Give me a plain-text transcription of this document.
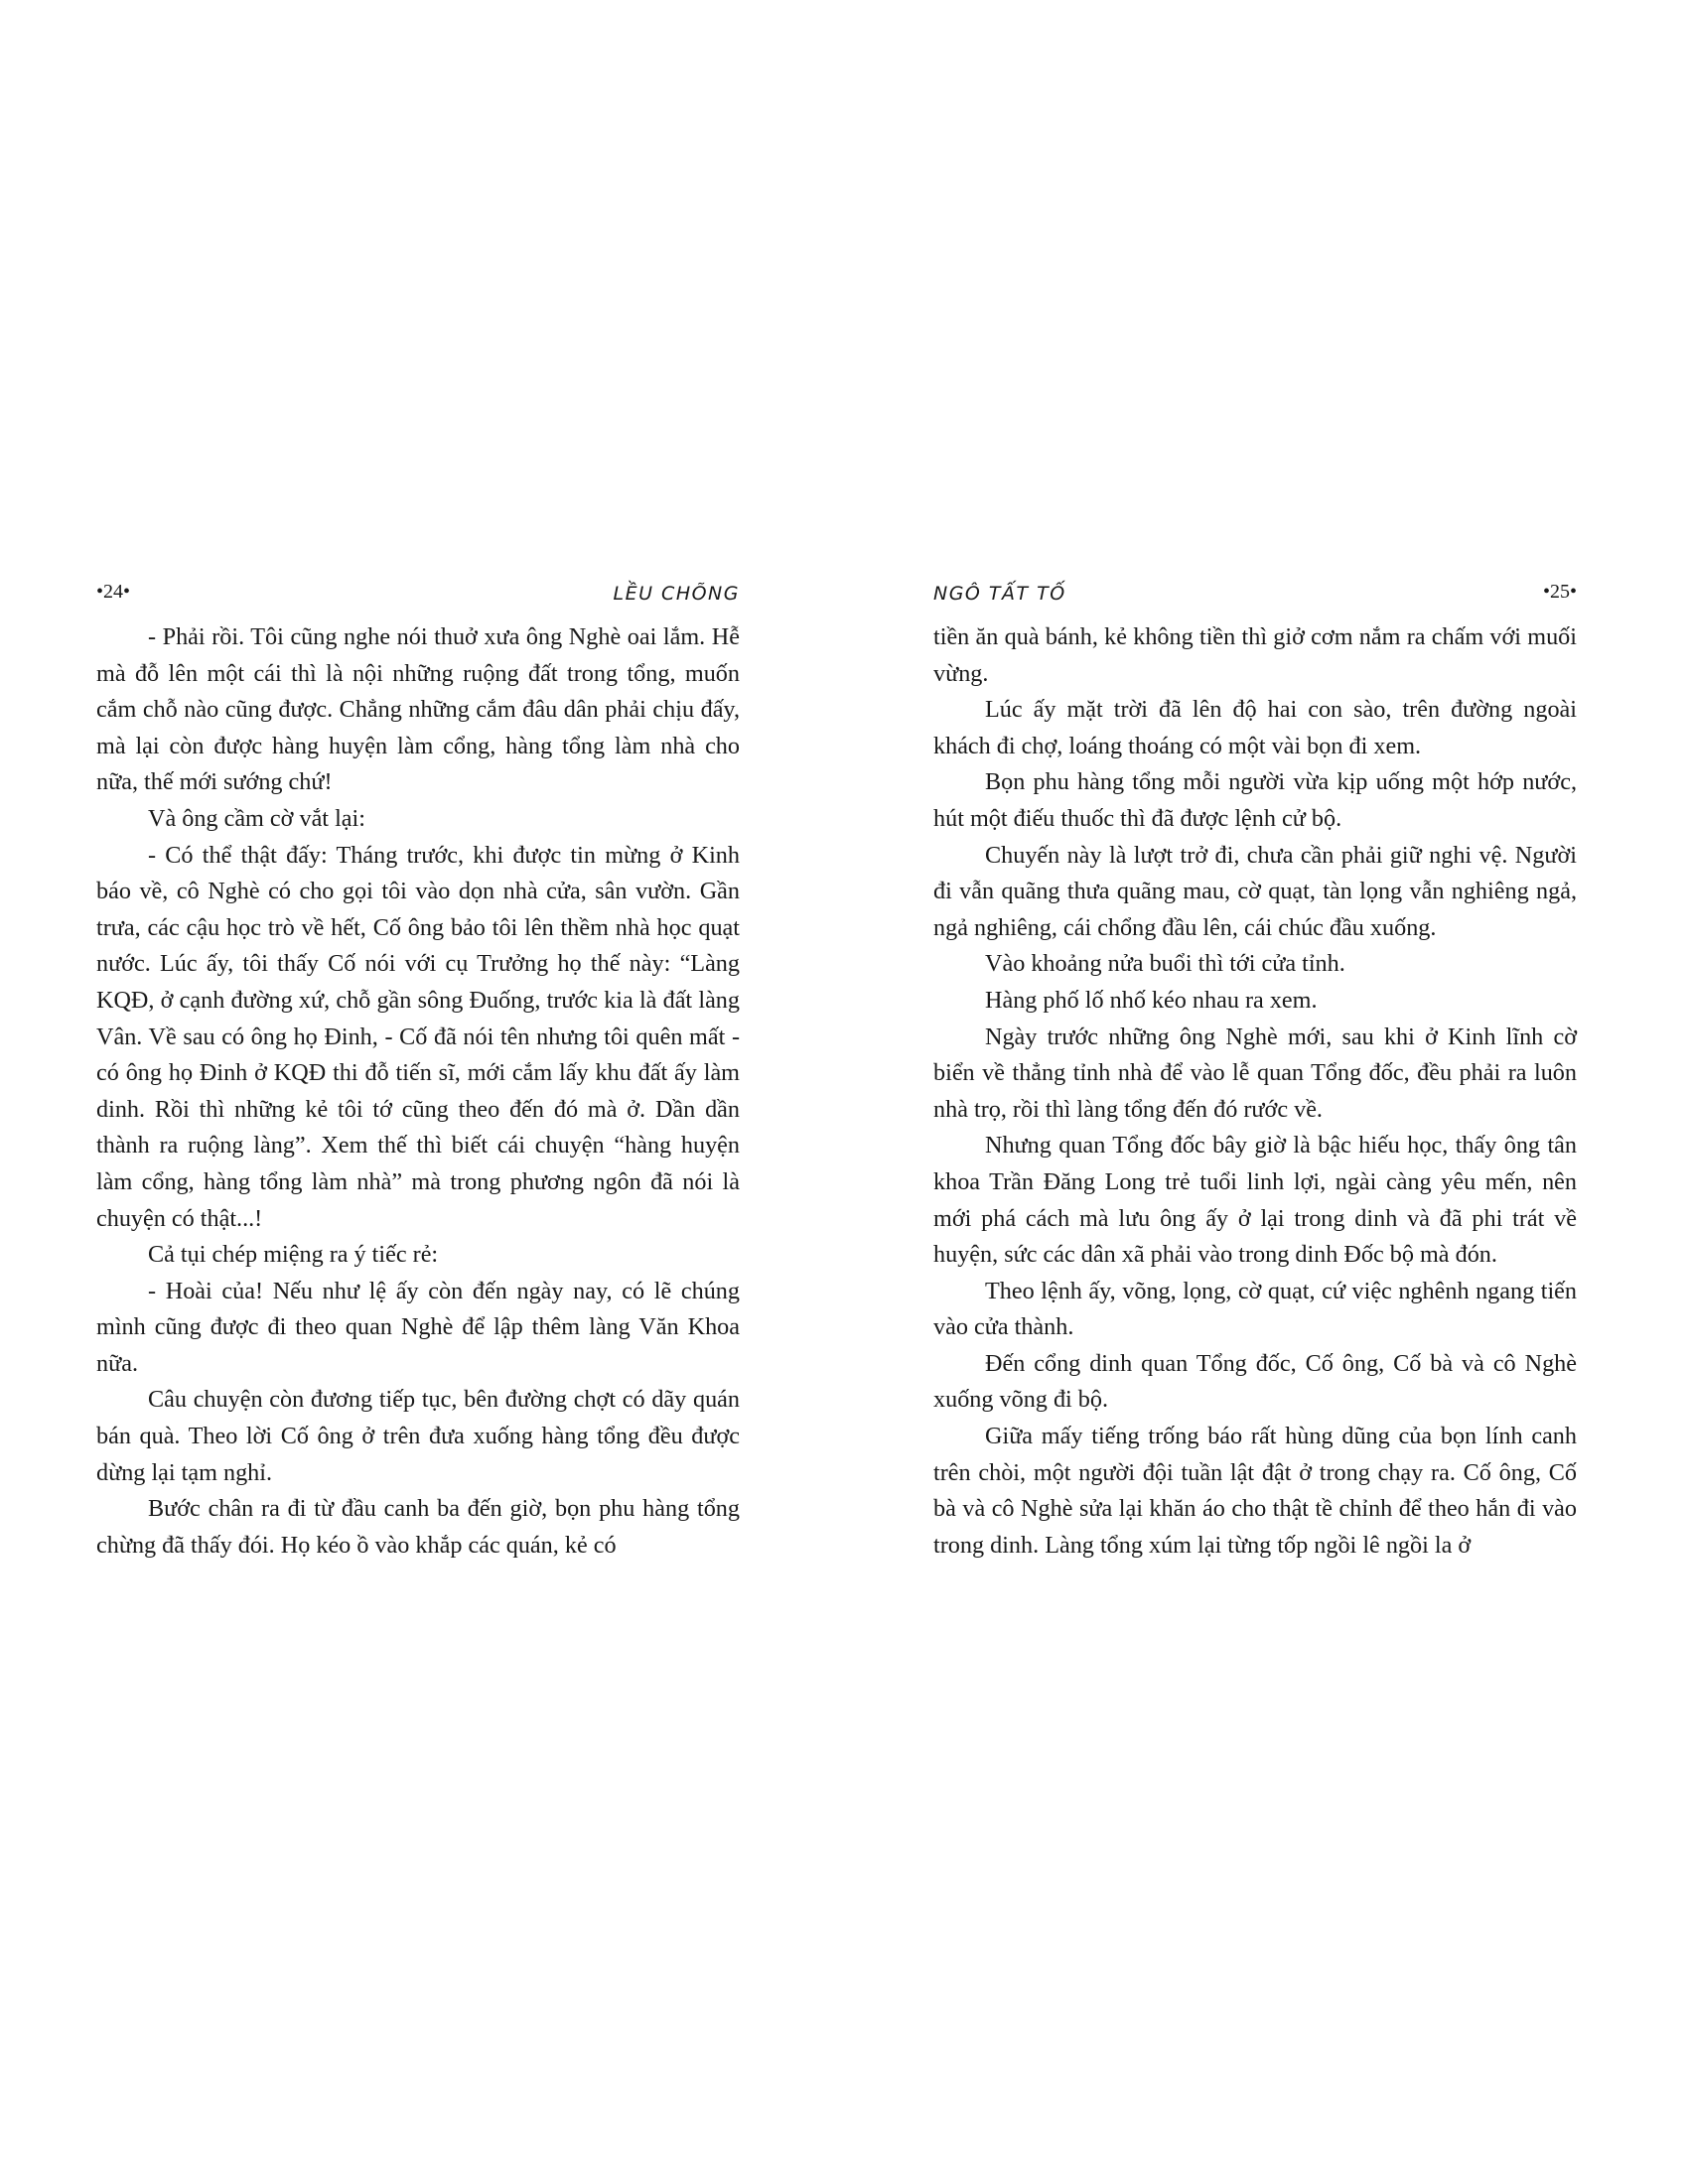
•24•	LỀU CHÕNG

- Phải rồi. Tôi cũng nghe nói thuở xưa ông Nghè oai lắm. Hễ mà đỗ lên một cái thì là nội những ruộng đất trong tổng, muốn cắm chỗ nào cũng được. Chẳng những cắm đâu dân phải chịu đấy, mà lại còn được hàng huyện làm cổng, hàng tổng làm nhà cho nữa, thế mới sướng chứ!

Và ông cầm cờ vắt lại:

- Có thể thật đấy: Tháng trước, khi được tin mừng ở Kinh báo về, cô Nghè có cho gọi tôi vào dọn nhà cửa, sân vườn. Gần trưa, các cậu học trò về hết, Cố ông bảo tôi lên thềm nhà học quạt nước. Lúc ấy, tôi thấy Cố nói với cụ Trưởng họ thế này: “Làng KQĐ, ở cạnh đường xứ, chỗ gần sông Đuống, trước kia là đất làng Vân. Về sau có ông họ Đinh, - Cố đã nói tên nhưng tôi quên mất - có ông họ Đinh ở KQĐ thi đỗ tiến sĩ, mới cắm lấy khu đất ấy làm dinh. Rồi thì những kẻ tôi tớ cũng theo đến đó mà ở. Dần dần thành ra ruộng làng”. Xem thế thì biết cái chuyện “hàng huyện làm cổng, hàng tổng làm nhà” mà trong phương ngôn đã nói là chuyện có thật...!

Cả tụi chép miệng ra ý tiếc rẻ:

- Hoài của! Nếu như lệ ấy còn đến ngày nay, có lẽ chúng mình cũng được đi theo quan Nghè để lập thêm làng Văn Khoa nữa.

Câu chuyện còn đương tiếp tục, bên đường chợt có dãy quán bán quà. Theo lời Cố ông ở trên đưa xuống hàng tổng đều được dừng lại tạm nghỉ.

Bước chân ra đi từ đầu canh ba đến giờ, bọn phu hàng tổng chừng đã thấy đói. Họ kéo ồ vào khắp các quán, kẻ có

NGÔ TẤT TỐ	•25•

tiền ăn quà bánh, kẻ không tiền thì giở cơm nắm ra chấm với muối vừng.

Lúc ấy mặt trời đã lên độ hai con sào, trên đường ngoài khách đi chợ, loáng thoáng có một vài bọn đi xem.

Bọn phu hàng tổng mỗi người vừa kịp uống một hớp nước, hút một điếu thuốc thì đã được lệnh cử bộ.

Chuyến này là lượt trở đi, chưa cần phải giữ nghi vệ. Người đi vẫn quãng thưa quãng mau, cờ quạt, tàn lọng vẫn nghiêng ngả, ngả nghiêng, cái chổng đầu lên, cái chúc đầu xuống.

Vào khoảng nửa buổi thì tới cửa tỉnh.

Hàng phố lố nhố kéo nhau ra xem.

Ngày trước những ông Nghè mới, sau khi ở Kinh lĩnh cờ biển về thẳng tỉnh nhà để vào lễ quan Tổng đốc, đều phải ra luôn nhà trọ, rồi thì làng tổng đến đó rước về.

Nhưng quan Tổng đốc bây giờ là bậc hiếu học, thấy ông tân khoa Trần Đăng Long trẻ tuổi linh lợi, ngài càng yêu mến, nên mới phá cách mà lưu ông ấy ở lại trong dinh và đã phi trát về huyện, sức các dân xã phải vào trong dinh Đốc bộ mà đón.

Theo lệnh ấy, võng, lọng, cờ quạt, cứ việc nghênh ngang tiến vào cửa thành.

Đến cổng dinh quan Tổng đốc, Cố ông, Cố bà và cô Nghè xuống võng đi bộ.

Giữa mấy tiếng trống báo rất hùng dũng của bọn lính canh trên chòi, một người đội tuần lật đật ở trong chạy ra. Cố ông, Cố bà và cô Nghè sửa lại khăn áo cho thật tề chỉnh để theo hắn đi vào trong dinh. Làng tổng xúm lại từng tốp ngồi lê ngồi la ở
